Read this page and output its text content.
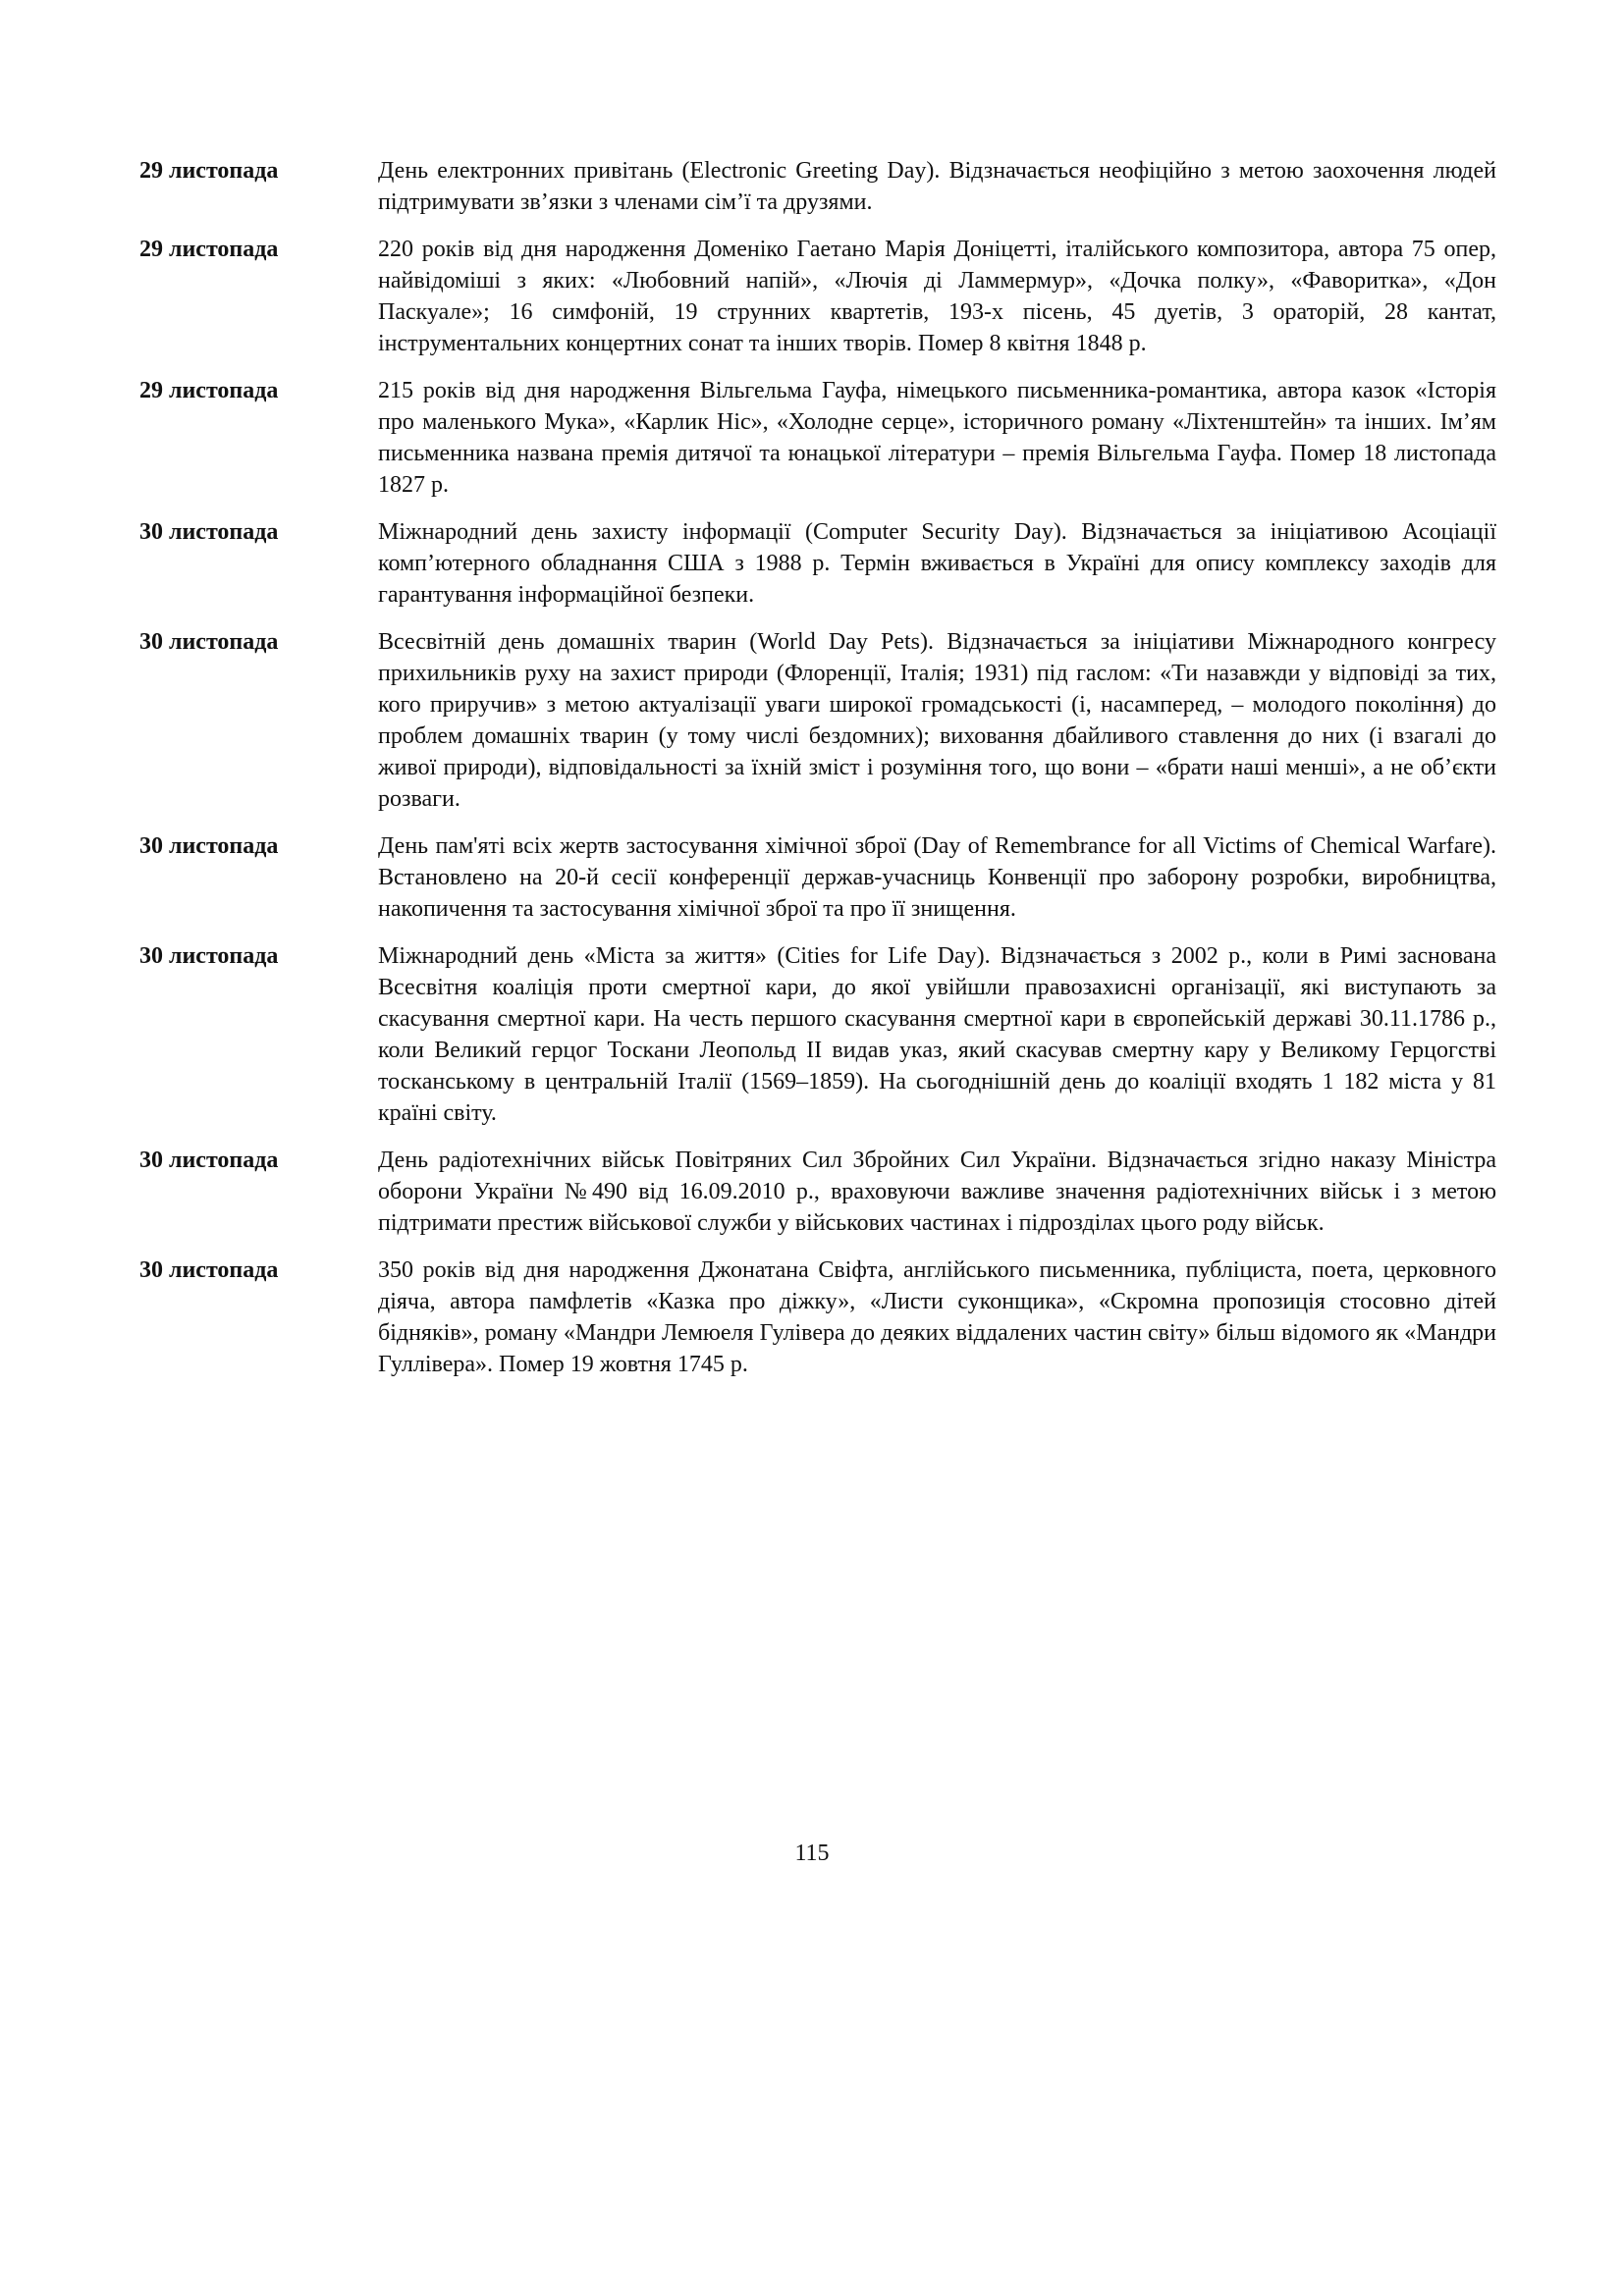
29 листопада	День електронних привітань (Electronic Greeting Day). Відзначається неофіційно з метою заохочення людей підтримувати зв’язки з членами сім’ї та друзями.
29 листопада	220 років від дня народження Доменіко Гаетано Марія Доніцетті, італійського композитора, автора 75 опер, найвідоміші з яких: «Любовний напій», «Лючія ді Ламмермур», «Дочка полку», «Фаворитка», «Дон Паскуале»; 16 симфоній, 19 струнних квартетів, 193-х пісень, 45 дуетів, 3 ораторій, 28 кантат, інструментальних концертних сонат та інших творів. Помер 8 квітня 1848 р.
29 листопада	215 років від дня народження Вільгельма Гауфа, німецького письменника-романтика, автора казок «Історія про маленького Мука», «Карлик Ніс», «Холодне серце», історичного роману «Ліхтенштейн» та інших. Ім’ям письменника названа премія дитячої та юнацької літератури – премія Вільгельма Гауфа. Помер 18 листопада 1827 р.
30 листопада	Міжнародний день захисту інформації (Computer Security Day). Відзначається за ініціативою Асоціації комп’ютерного обладнання США з 1988 р. Термін вживається в Україні для опису комплексу заходів для гарантування інформаційної безпеки.
30 листопада	Всесвітній день домашніх тварин (World Day Pets). Відзначається за ініціативи Міжнародного конгресу прихильників руху на захист природи (Флоренції, Італія; 1931) під гаслом: «Ти назавжди у відповіді за тих, кого приручив» з метою актуалізації уваги широкої громадськості (і, насамперед, – молодого покоління) до проблем домашніх тварин (у тому числі бездомних); виховання дбайливого ставлення до них (і взагалі до живої природи), відповідальності за їхній зміст і розуміння того, що вони – «брати наші менші», а не об’єкти розваги.
30 листопада	День пам'яті всіх жертв застосування хімічної зброї (Day of Remembrance for all Victims of Chemical Warfare). Встановлено на 20-й сесії конференції держав-учасниць Конвенції про заборону розробки, виробництва, накопичення та застосування хімічної зброї та про її знищення.
30 листопада	Міжнародний день «Міста за життя» (Cities for Life Day). Відзначається з 2002 р., коли в Римі заснована Всесвітня коаліція проти смертної кари, до якої увійшли правозахисні організації, які виступають за скасування смертної кари. На честь першого скасування смертної кари в європейській державі 30.11.1786 р., коли Великий герцог Тоскани Леопольд II видав указ, який скасував смертну кару у Великому Герцогстві тосканському в центральній Італії (1569–1859). На сьогоднішній день до коаліції входять 1 182 міста у 81 країні світу.
30 листопада	День радіотехнічних військ Повітряних Сил Збройних Сил України. Відзначається згідно наказу Міністра оборони України №490 від 16.09.2010 р., враховуючи важливе значення радіотехнічних військ і з метою підтримати престиж військової служби у військових частинах і підрозділах цього роду військ.
30 листопада	350 років від дня народження Джонатана Свіфта, англійського письменника, публіциста, поета, церковного діяча, автора памфлетів «Казка про діжку», «Листи суконщика», «Скромна пропозиція стосовно дітей бідняків», роману «Мандри Лемюеля Гулівера до деяких віддалених частин світу» більш відомого як «Мандри Гуллівера». Помер 19 жовтня 1745 р.
115
